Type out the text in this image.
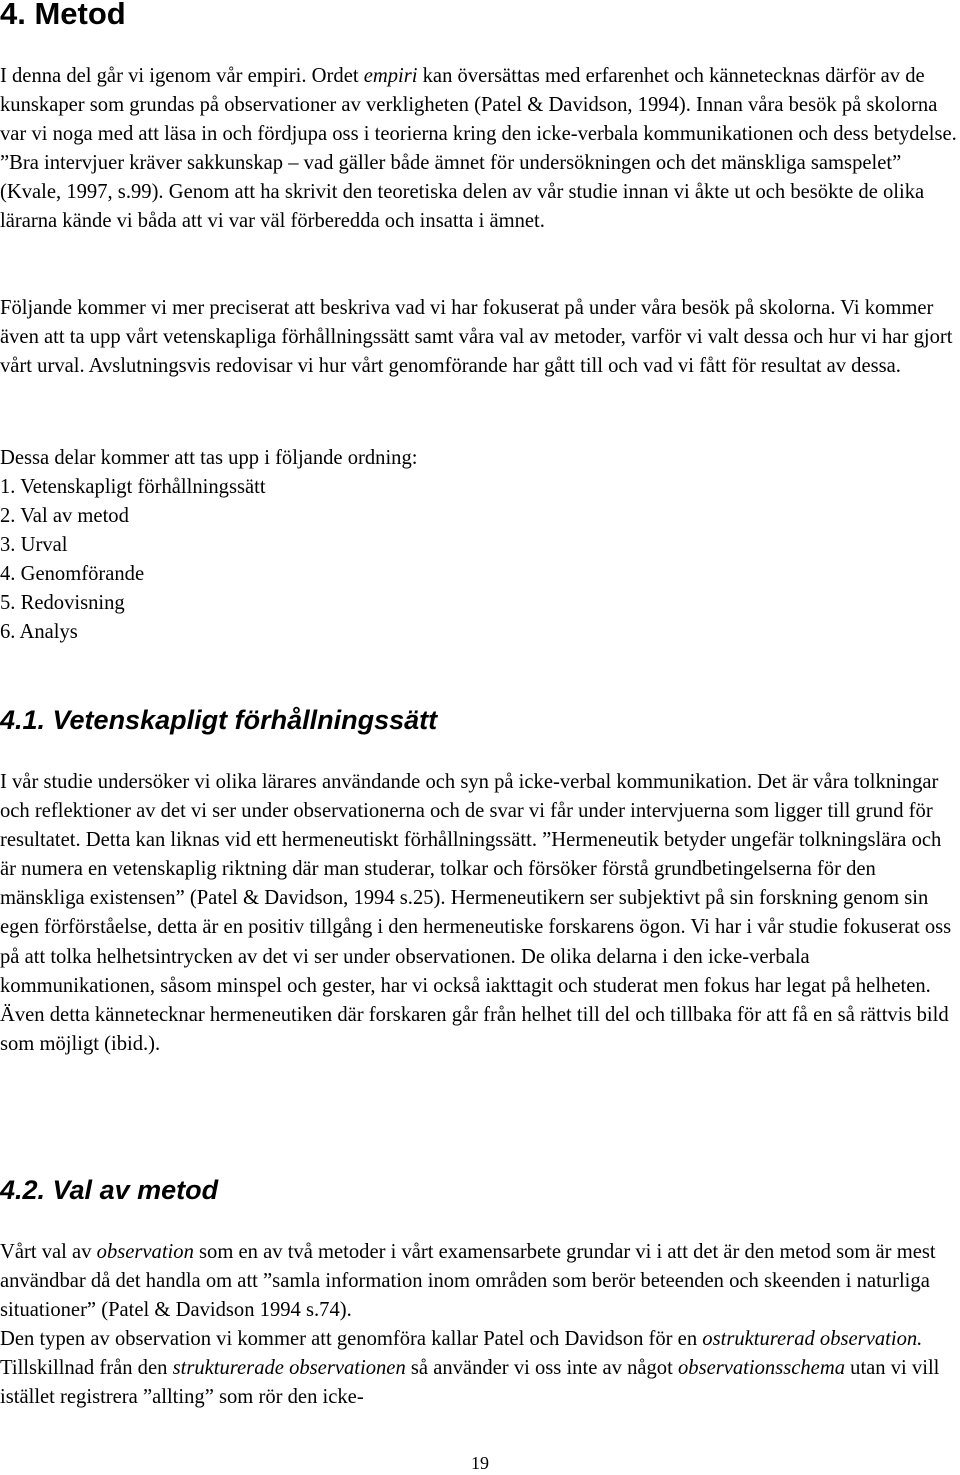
4. Metod
I denna del går vi igenom vår empiri. Ordet empiri kan översättas med erfarenhet och kännetecknas därför av de kunskaper som grundas på observationer av verkligheten (Patel & Davidson, 1994). Innan våra besök på skolorna var vi noga med att läsa in och fördjupa oss i teorierna kring den icke-verbala kommunikationen och dess betydelse. ”Bra intervjuer kräver sakkunskap – vad gäller både ämnet för undersökningen och det mänskliga samspelet” (Kvale, 1997, s.99). Genom att ha skrivit den teoretiska delen av vår studie innan vi åkte ut och besökte de olika lärarna kände vi båda att vi var väl förberedda och insatta i ämnet.
Följande kommer vi mer preciserat att beskriva vad vi har fokuserat på under våra besök på skolorna. Vi kommer även att ta upp vårt vetenskapliga förhållningssätt samt våra val av metoder, varför vi valt dessa och hur vi har gjort vårt urval. Avslutningsvis redovisar vi hur vårt genomförande har gått till och vad vi fått för resultat av dessa.
Dessa delar kommer att tas upp i följande ordning:
1. Vetenskapligt förhållningssätt
2. Val av metod
3. Urval
4. Genomförande
5. Redovisning
6. Analys
4.1. Vetenskapligt förhållningssätt
I vår studie undersöker vi olika lärares användande och syn på icke-verbal kommunikation. Det är våra tolkningar och reflektioner av det vi ser under observationerna och de svar vi får under intervjuerna som ligger till grund för resultatet. Detta kan liknas vid ett hermeneutiskt förhållningssätt. ”Hermeneutik betyder ungefär tolkningslära och är numera en vetenskaplig riktning där man studerar, tolkar och försöker förstå grundbetingelserna för den mänskliga existensen” (Patel & Davidson, 1994 s.25). Hermeneutikern ser subjektivt på sin forskning genom sin egen förförståelse, detta är en positiv tillgång i den hermeneutiske forskarens ögon. Vi har i vår studie fokuserat oss på att tolka helhetsintrycken av det vi ser under observationen. De olika delarna i den icke-verbala kommunikationen, såsom minspel och gester, har vi också iakttagit och studerat men fokus har legat på helheten. Även detta kännetecknar hermeneutiken där forskaren går från helhet till del och tillbaka för att få en så rättvis bild som möjligt (ibid.).
4.2. Val av metod
Vårt val av observation som en av två metoder i vårt examensarbete grundar vi i att det är den metod som är mest användbar då det handla om att ”samla information inom områden som berör beteenden och skeenden i naturliga situationer” (Patel & Davidson 1994 s.74).
Den typen av observation vi kommer att genomföra kallar Patel och Davidson för en ostrukturerad observation. Tillskillnad från den strukturerade observationen så använder vi oss inte av något observationsschema utan vi vill istället registrera ”allting” som rör den icke-
19
